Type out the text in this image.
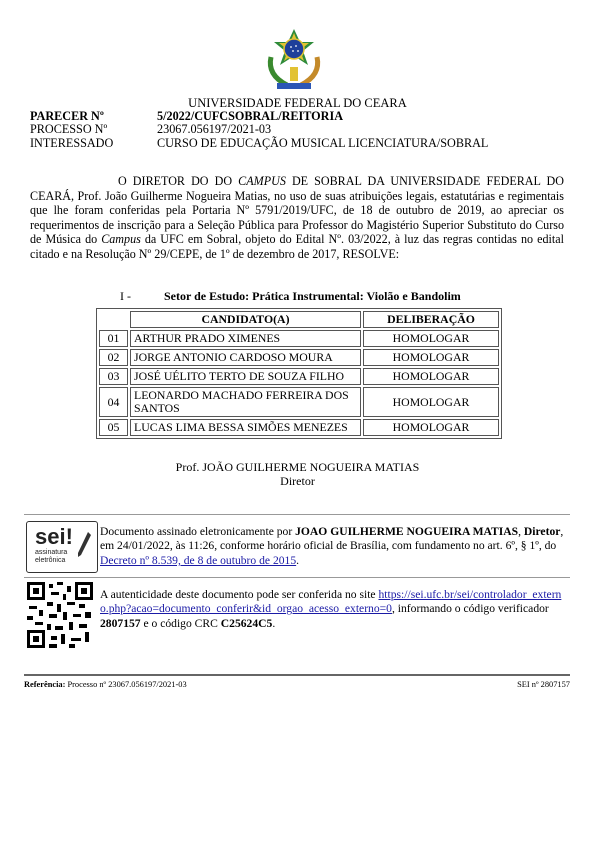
UNIVERSIDADE FEDERAL DO CEARA
PARECER Nº	5/2022/CUFCSOBRAL/REITORIA
PROCESSO Nº	23067.056197/2021-03
INTERESSADO	CURSO DE EDUCAÇÃO MUSICAL LICENCIATURA/SOBRAL

O DIRETOR DO DO CAMPUS DE SOBRAL DA UNIVERSIDADE FEDERAL DO CEARÁ, Prof. João Guilherme Nogueira Matias, no uso de suas atribuições legais, estatutárias e regimentais que lhe foram conferidas pela Portaria Nº 5791/2019/UFC, de 18 de outubro de 2019, ao apreciar os requerimentos de inscrição para a Seleção Pública para Professor do Magistério Superior Substituto do Curso de Música do Campus da UFC em Sobral, objeto do Edital Nº. 03/2022, à luz das regras contidas no edital citado e na Resolução Nº 29/CEPE, de 1º de dezembro de 2017, RESOLVE:

I -	Setor de Estudo: Prática Instrumental: Violão e Bandolim
	CANDIDATO(A)	DELIBERAÇÃO
01	ARTHUR PRADO XIMENES	HOMOLOGAR
02	JORGE ANTONIO CARDOSO MOURA	HOMOLOGAR
03	JOSÉ UÉLITO TERTO DE SOUZA FILHO	HOMOLOGAR
04	LEONARDO MACHADO FERREIRA DOS SANTOS	HOMOLOGAR
05	LUCAS LIMA BESSA SIMÕES MENEZES	HOMOLOGAR
Prof. JOÃO GUILHERME NOGUEIRA MATIAS
Diretor
sei!
assinatura eletrônica
Documento assinado eletronicamente por JOAO GUILHERME NOGUEIRA MATIAS, Diretor, em 24/01/2022, às 11:26, conforme horário oficial de Brasília, com fundamento no art. 6º, § 1º, do Decreto nº 8.539, de 8 de outubro de 2015.
A autenticidade deste documento pode ser conferida no site https://sei.ufc.br/sei/controlador_externo.php?acao=documento_conferir&id_orgao_acesso_externo=0, informando o código verificador 2807157 e o código CRC C25624C5.
Referência: Processo nº 23067.056197/2021-03	SEI nº 2807157
